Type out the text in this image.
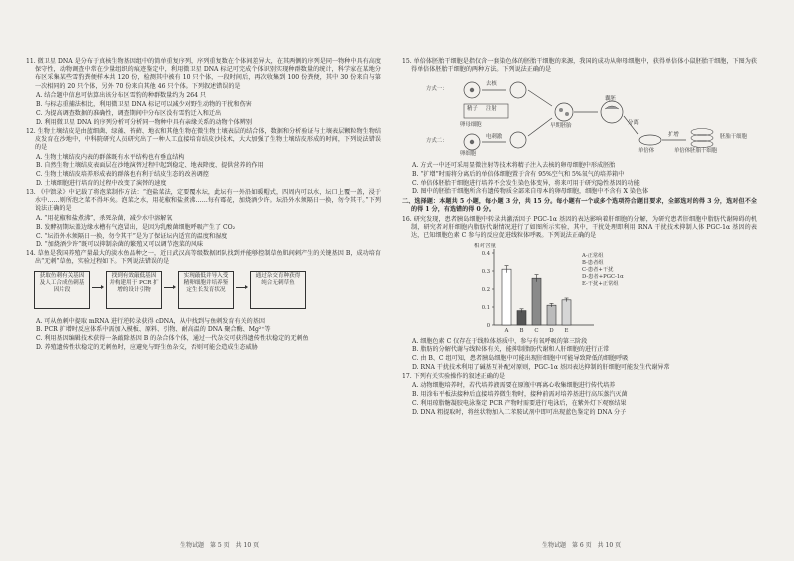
11. 微卫星 DNA 是分布于真核生物基因组中的简单重复序列，序列重复数在个体间差异大，在其两侧的序列是同一物种中具有高度保守性，动物调查中常在少量组织的痕迹鉴定中，利用微卫星 DNA 标记可完成个体识别实现种群数量的统计，科学家在某地分布区采集某些雪豹粪便样本共 120 份，检测其中被有 10 只个体，一段时间后，再次收集到 100 份粪便，其中 30 份来自与第一次相同的 20 只个体，另外 70 份来自其他 46 只个体。下列叙述错误的是

A. 结合题中信息可估算出该分布区雪豹的种群数量约为 264 只
B. 与标志重捕法相比，利用微卫星 DNA 标记可以减少对野生动物的干扰和伤害
C. 为提高调查数据的准确性，调查期间中分布区没有雪豹迁入和迁出
D. 利用微卫星 DNA 的序列分析可分析同一物种中具有亲缘关系的动物个体辨别

12. 生物土壤结皮是由蓝细菌、绿藻、苔藓、地衣和其他生物在微生物土壤表层的结合体，数据和分析验证与土壤表层颗粒物生物结皮发育在沙地中，中科院研究人员研究出了一种人工直接培育结皮沙技术，大大加强了生物土壤结皮形成的时间，下列说法错误的是

A. 生物土壤结皮内表的群落既有水平结构也有垂直结构
B. 自然生物土壤结皮表面层在沙地演替过程中起到稳定、地表降度、提供营养的作用
C. 生物土壤结皮培养形成表的群落也有利于结皮生态的改善调控
D. 土壤细胞进行培育的过程中改变了演替的速度

13. 《中馈录》中记载了将泡菜制作方法：“泡盐菜法，定要覆水坛，此坛有一外沿如暖帽式，四周内可以水，坛口上覆一盖，浸于水中……则所泡之菜不得坏矣。泡菜之水，用花椒和盐煮沸……每有霉花，加烧酒少许。坛沿外水须隔日一换，勿令其干。”下列说法正确的是

A. “用花椒和盐煮沸”，杀死杂菌，减少水中溶解氧
B. 发酵初期坛盖边缘水槽有气泡冒出，是因为乳酸菌细胞呼吸产生了 CO₂
C. “坛沿外水须隔日一换，勿令其干”是为了保证坛内适宜的温度和湿度
D. “加烧酒少许”既可以抑制杂菌的繁殖又可以调节泡菜的风味

14. 草鱼是我国养殖产量最大的淡水鱼品种之一，近日武汉高等级数据团队找到并能够控制草鱼肌间刺产生的关键基因 B，成功培育出“无刺”草鱼，实验过程如下。下列说法错误的是

获取鱼刺有关基因及人工合成鱼刺基因片段
找到有效敲低基因并构建用于 PCR 扩增的设计引物
实现敲低并导入受精卵细胞并培养鉴定生长发育状况
通过杂交育种获得纯合无刺草鱼
A. 可从鱼刺中提取 mRNA 进行逆转录获得 cDNA，从中找到与鱼刺发育有关的基因
B. PCR 扩增时反应体系中需加入模板、原料、引物、耐高温的 DNA 聚合酶、Mg²⁺等
C. 利用基因编辑技术获得一条敲除基因 B 的杂合体个体，通过一代杂交可获得遗传性状稳定的无刺鱼
D. 养殖遗传性状稳定的无刺鱼时，应避免与野生鱼杂交，否则可能会造成生态威胁

15. 单倍体胚胎干细胞是指仅含一套染色体的胚胎干细胞的来源，我国的成功从卵母细胞中，获得单倍体小鼠胚胎干细胞，下图为获得单倍体胚胎干细胞的两种方法。下列说法正确的是

方式一：
方式二：
去核
精子 注射
卵母细胞
电刺激
早期胚胎
单倍体胚胎干细胞
扩增
分离
囊胚
卵细胞	单倍体
胚胎干细胞
A. 方式一中还可采用显微注射等技术将精子注入去核的卵母细胞中形成胚胎
B. “扩增”时需将分离后的单倍体细胞置于含有 95%空气和 5%氧气的培养箱中
C. 单倍体胚胎干细胞进行培养不会发生染色体变异，将来可用于研究隐性基因的功能
D. 图中的胚胎干细胞所含有遗传物质全部来自母本的卵母细胞，细胞中不含有 X 染色体

二、选择题：本题共 5 小题，每小题 3 分，共 15 分。每小题有一个或多个选项符合题目要求，全部选对的得 3 分，选对但不全的得 1 分，有选错的得 0 分。

16. 研究发现，患者胰岛细胞中转录共激活因子 PGC-1α 基因的表达影响着肝细胞的分解，为研究患者肝细胞中脂肪代谢障碍的机制，研究者对肝细胞内脂肪代谢情况进行了如图所示实验，其中，干扰处理即利用 RNA 干扰技术抑制人体 PGC-1α 基因的表达，已知细胞色素 C 参与的反应促进线粒体呼吸。下列说法正确的是

相对含量
0
0.1
0.2
0.3
0.4
A B C D E
A-正常组
B-患者组
C-患者+干扰
D-患者+PGC-1α
E-干扰+正常组
A. 细胞色素 C 仅存在于线粒体基质中，参与有氧呼吸的第三阶段
B. 脂肪的分解代谢与线粒体有关，能抑制脂肪代谢和人肝细胞的进行正常
C. 由 B、C 组可知，患者胰岛细胞中可能出现肝细胞中可能导致降低的细胞呼吸
D. RNA 干扰技术利用了碱基互补配对原则，PGC-1α 基因表达抑制的肝细胞可能发生代谢异常

17. 下列有关实验操作的叙述正确的是

A. 动物细胞培养时，若代培养液需要在原瓶中再离心收集细胞进行传代培养
B. 用涂布平板法接种后直接培养微生物时，接种前需对培养基进行高压蒸汽灭菌
C. 利用琼脂糖凝胶电泳鉴定 PCR 产物时需要进行电泳后，在紫外灯下观察结果
D. DNA 粗提取时，将丝状物加入二苯胺试剂中即可出现蓝色鉴定的 DNA 分子
生物试题　第 5 页　共 10 页	生物试题　第 6 页　共 10 页
